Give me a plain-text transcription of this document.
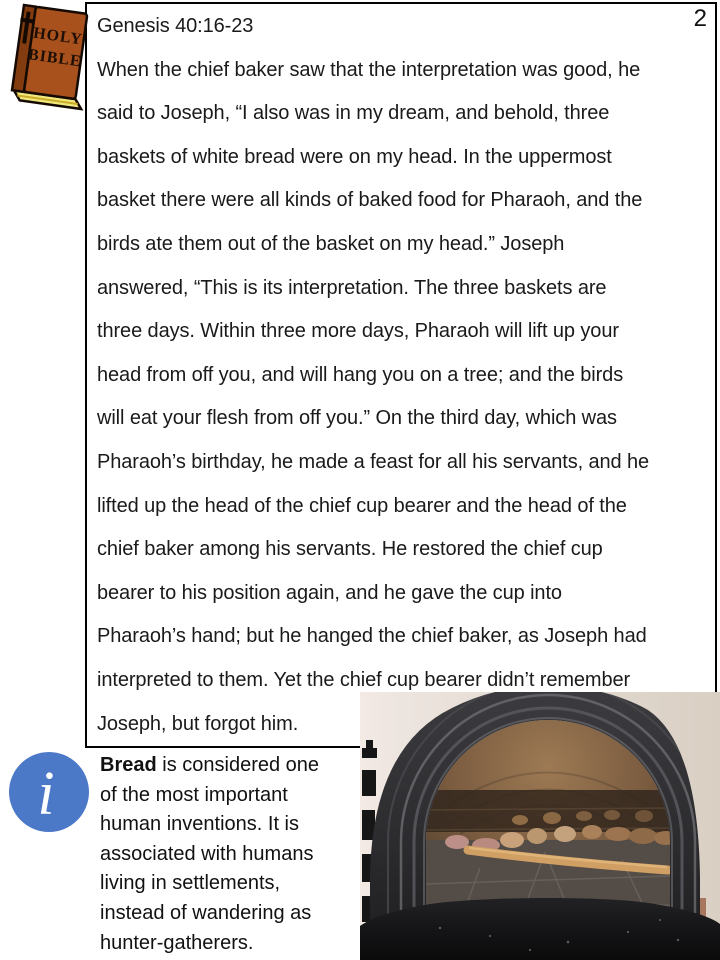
2
Genesis 40:16-23
When the chief baker saw that the interpretation was good, he
said to Joseph, “I also was in my dream, and behold, three
baskets of white bread were on my head. In the uppermost
basket there were all kinds of baked food for Pharaoh, and the
birds ate them out of the basket on my head.” Joseph
answered, “This is its interpretation. The three baskets are
three days. Within three more days, Pharaoh will lift up your
head from off you, and will hang you on a tree; and the birds
will eat your flesh from off you.” On the third day, which was
Pharaoh’s birthday, he made a feast for all his servants, and he
lifted up the head of the chief cup bearer and the head of the
chief baker among his servants. He restored the chief cup
bearer to his position again, and he gave the cup into
Pharaoh’s hand; but he hanged the chief baker, as Joseph had
interpreted to them. Yet the chief cup bearer didn’t remember
Joseph, but forgot him.
HOLY
BIBLE
i Bread is considered one
of the most important
human inventions. It is
associated with humans
living in settlements,
instead of wandering as
hunter-gatherers.
